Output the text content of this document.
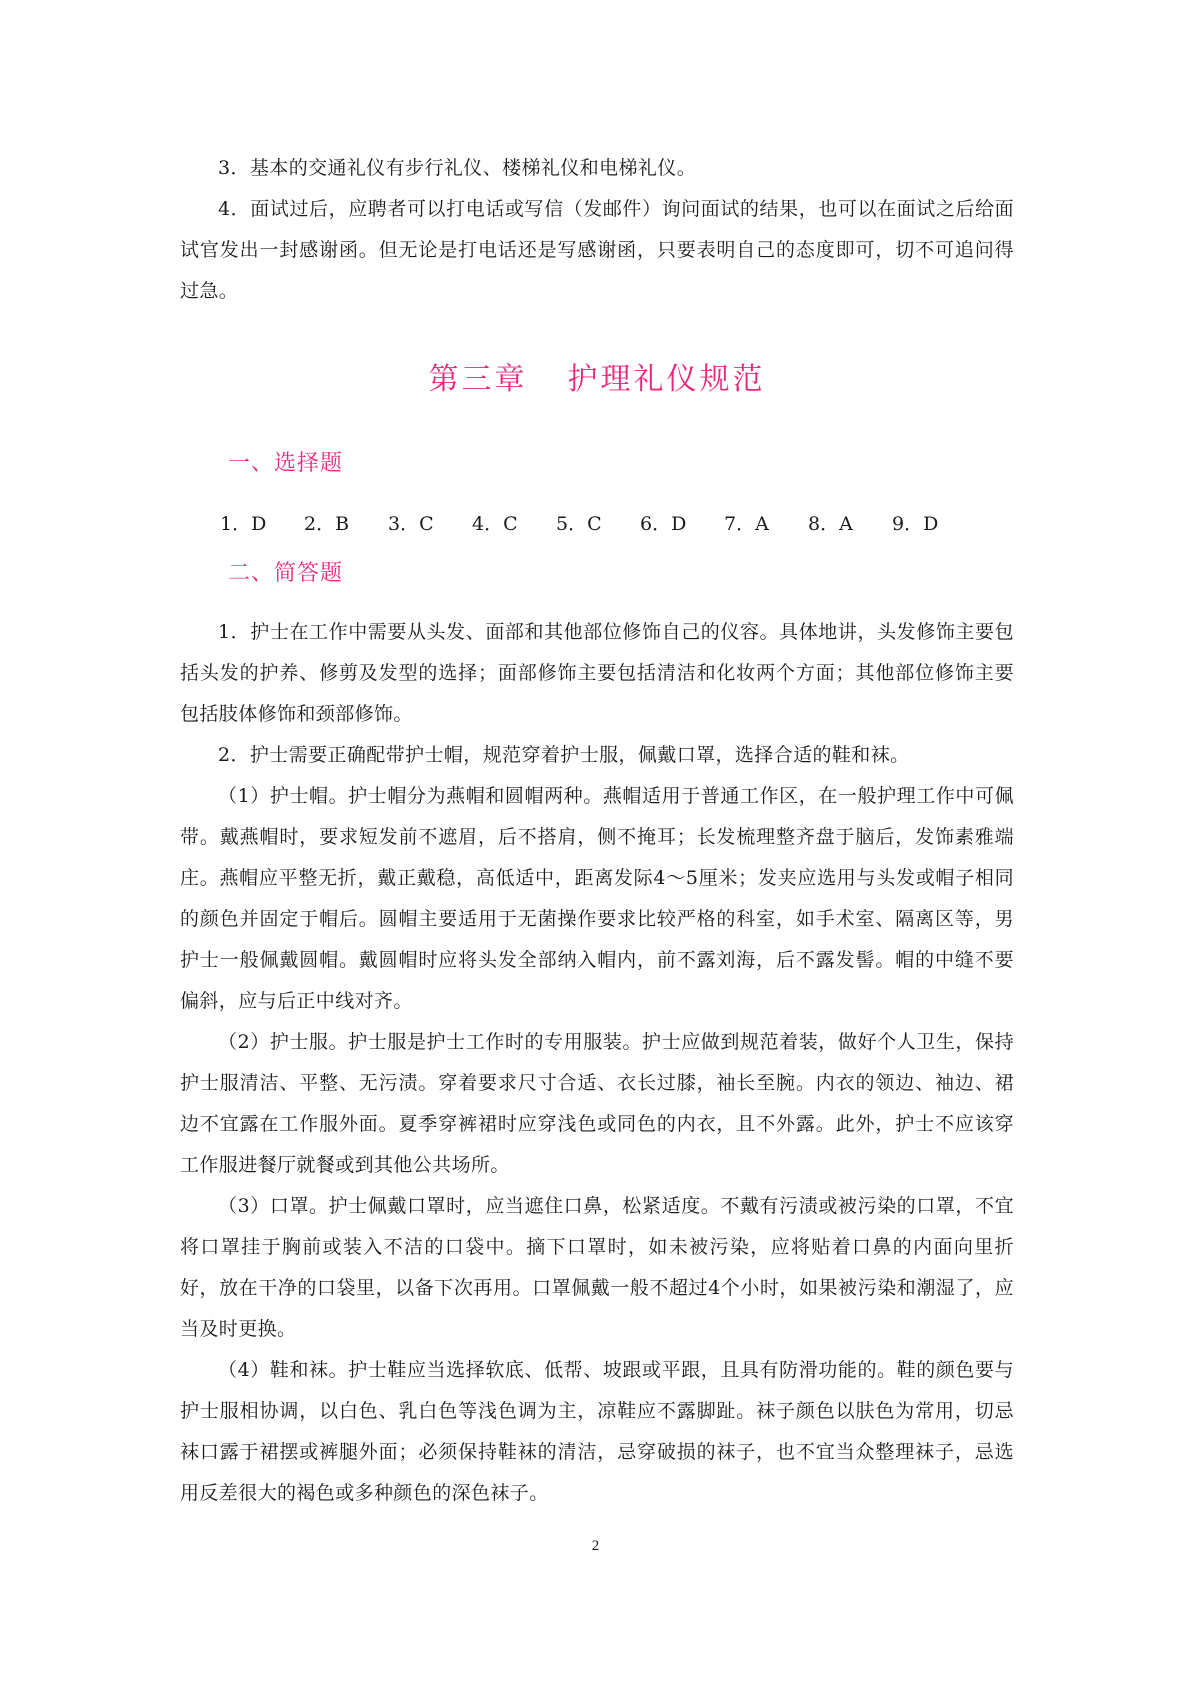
3．基本的交通礼仪有步行礼仪、楼梯礼仪和电梯礼仪。

4．面试过后，应聘者可以打电话或写信（发邮件）询问面试的结果，也可以在面试之后给面试官发出一封感谢函。但无论是打电话还是写感谢函，只要表明自己的态度即可，切不可追问得过急。

第三章 护理礼仪规范
一、选择题
1．D	2．B	3．C	4．C	5．C	6．D	7．A	8．A	9．D
二、简答题

1．护士在工作中需要从头发、面部和其他部位修饰自己的仪容。具体地讲，头发修饰主要包括头发的护养、修剪及发型的选择；面部修饰主要包括清洁和化妆两个方面；其他部位修饰主要包括肢体修饰和颈部修饰。

2．护士需要正确配带护士帽，规范穿着护士服，佩戴口罩，选择合适的鞋和袜。

（1）护士帽。护士帽分为燕帽和圆帽两种。燕帽适用于普通工作区，在一般护理工作中可佩带。戴燕帽时，要求短发前不遮眉，后不搭肩，侧不掩耳；长发梳理整齐盘于脑后，发饰素雅端庄。燕帽应平整无折，戴正戴稳，高低适中，距离发际4～5厘米；发夹应选用与头发或帽子相同的颜色并固定于帽后。圆帽主要适用于无菌操作要求比较严格的科室，如手术室、隔离区等，男护士一般佩戴圆帽。戴圆帽时应将头发全部纳入帽内，前不露刘海，后不露发髻。帽的中缝不要偏斜，应与后正中线对齐。

（2）护士服。护士服是护士工作时的专用服装。护士应做到规范着装，做好个人卫生，保持护士服清洁、平整、无污渍。穿着要求尺寸合适、衣长过膝，袖长至腕。内衣的领边、袖边、裙边不宜露在工作服外面。夏季穿裤裙时应穿浅色或同色的内衣，且不外露。此外，护士不应该穿工作服进餐厅就餐或到其他公共场所。

（3）口罩。护士佩戴口罩时，应当遮住口鼻，松紧适度。不戴有污渍或被污染的口罩，不宜将口罩挂于胸前或装入不洁的口袋中。摘下口罩时，如未被污染，应将贴着口鼻的内面向里折好，放在干净的口袋里，以备下次再用。口罩佩戴一般不超过4个小时，如果被污染和潮湿了，应当及时更换。

（4）鞋和袜。护士鞋应当选择软底、低帮、坡跟或平跟，且具有防滑功能的。鞋的颜色要与护士服相协调，以白色、乳白色等浅色调为主，凉鞋应不露脚趾。袜子颜色以肤色为常用，切忌袜口露于裙摆或裤腿外面；必须保持鞋袜的清洁，忌穿破损的袜子，也不宜当众整理袜子，忌选用反差很大的褐色或多种颜色的深色袜子。

2
